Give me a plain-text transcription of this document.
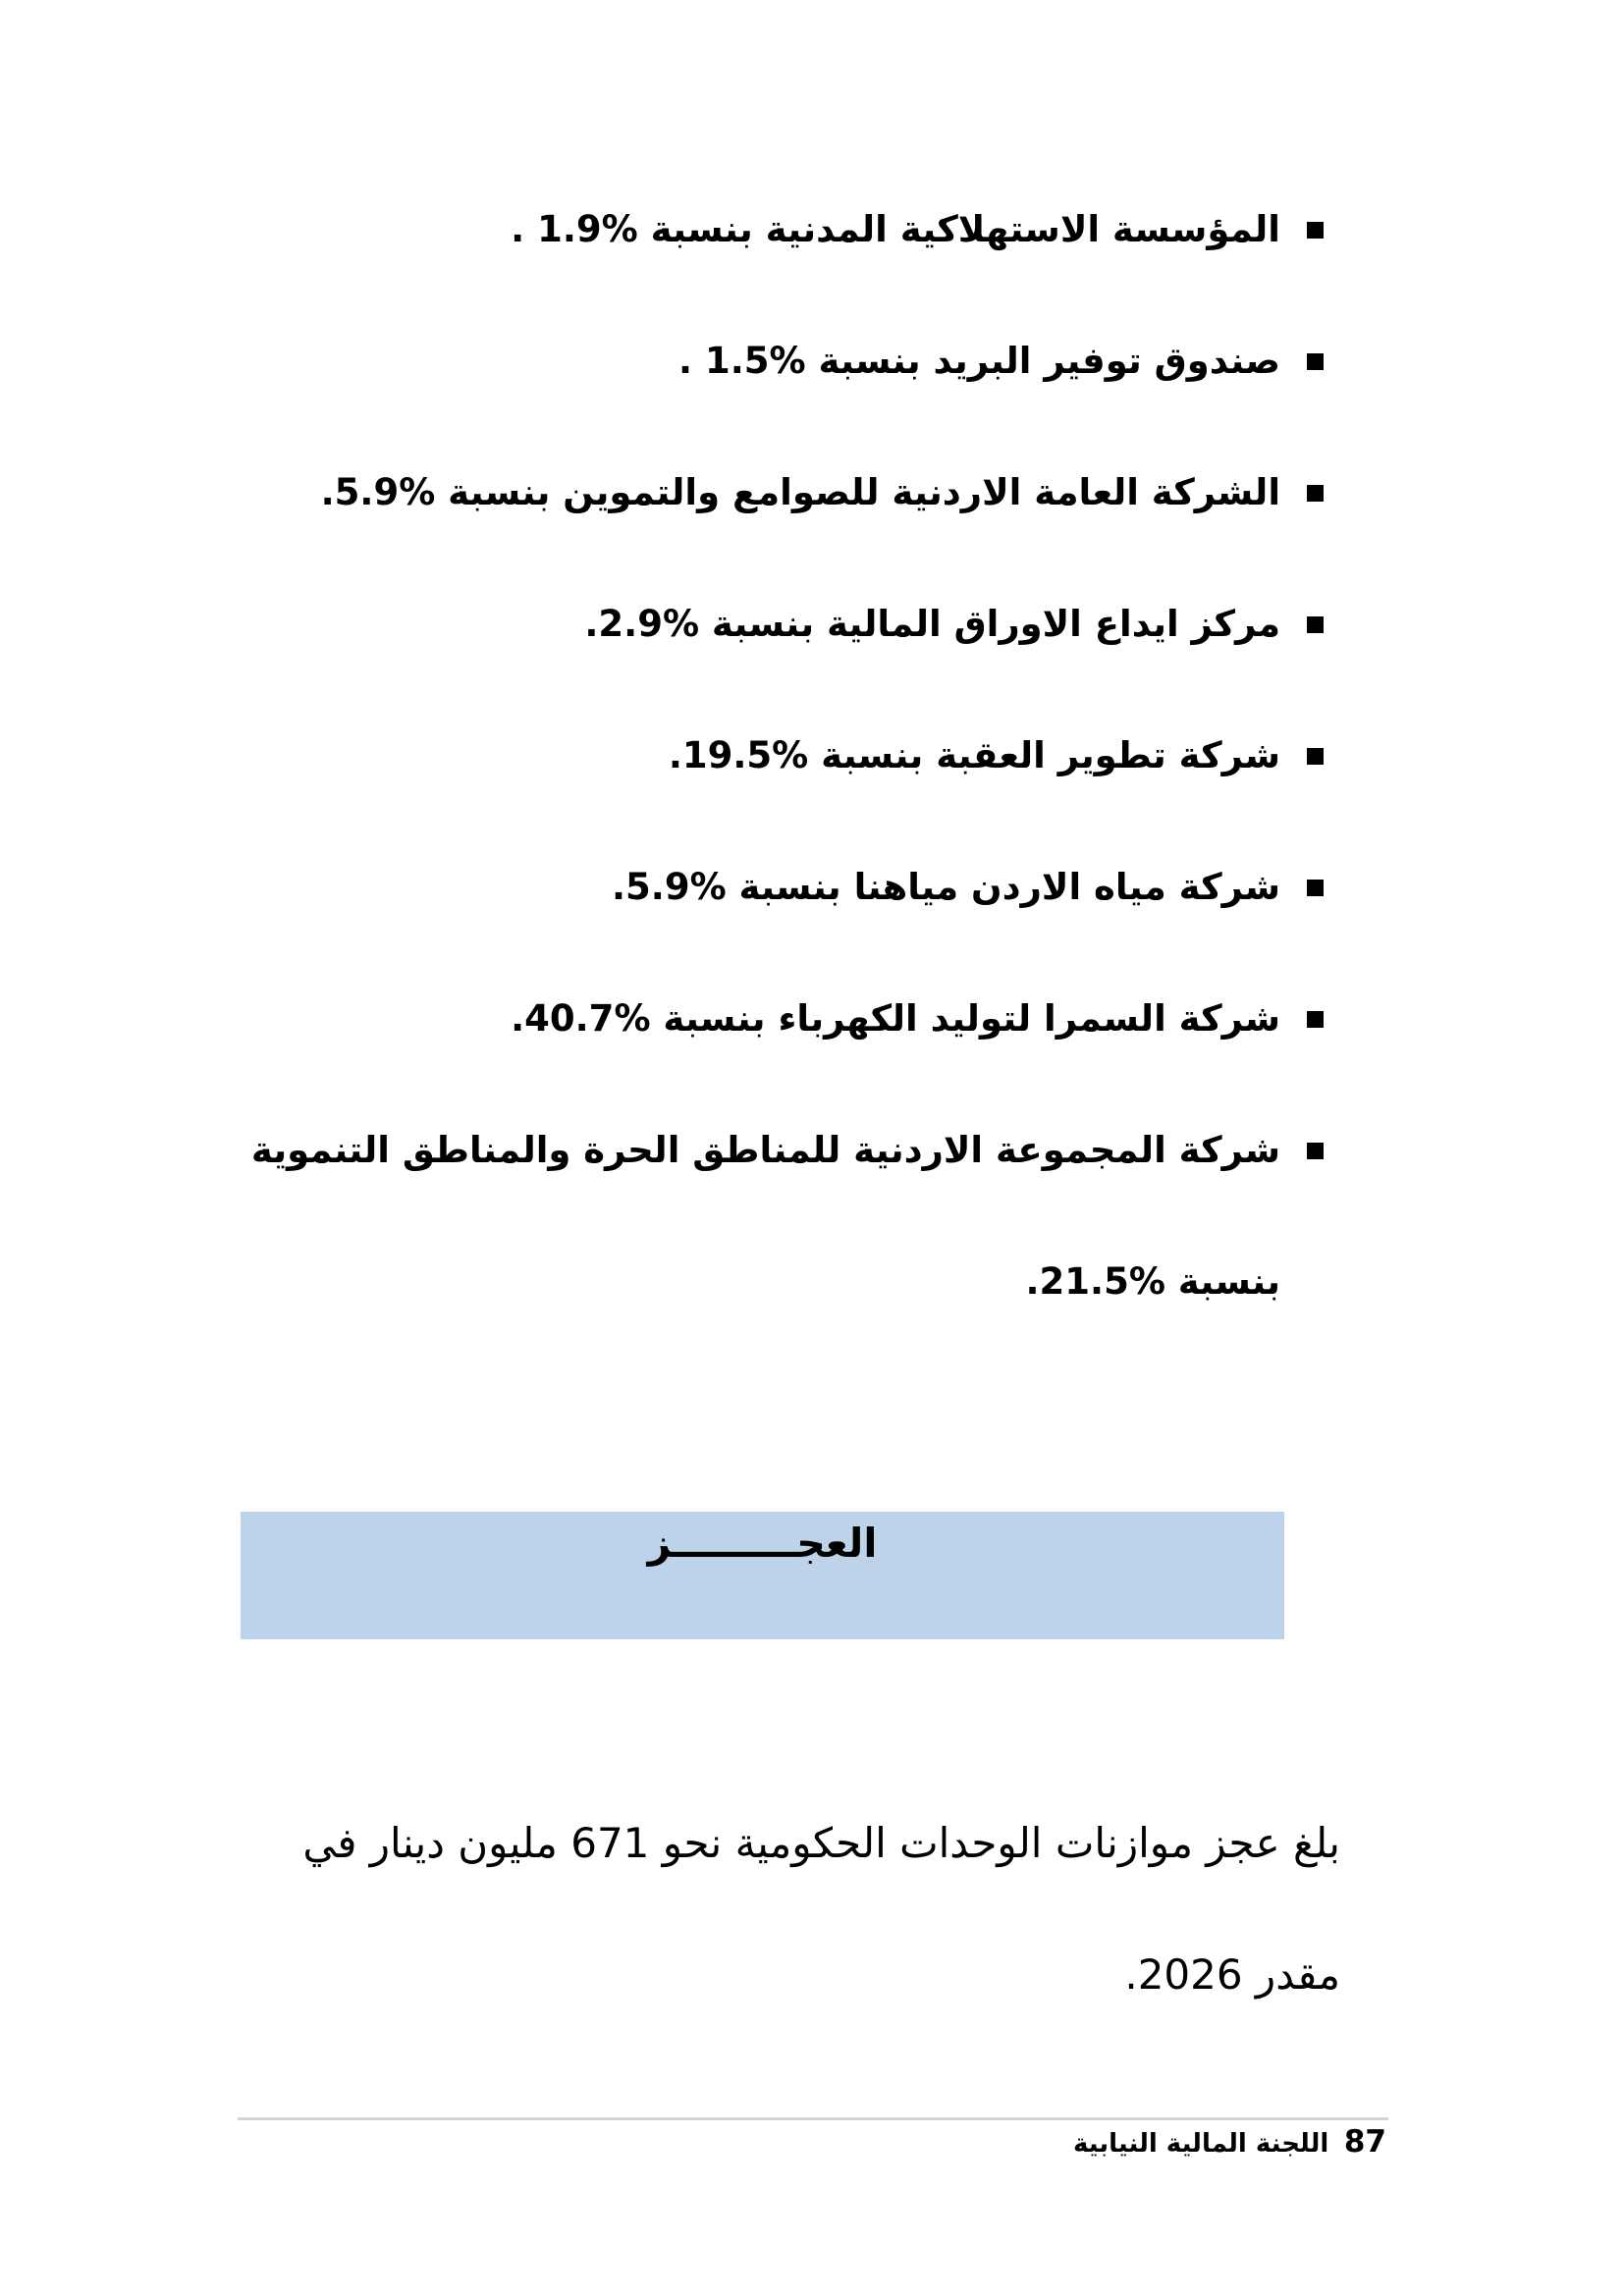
المؤسسة الاستهلاكية المدنية بنسبة %1.9 .
صندوق توفير البريد بنسبة %1.5 .
الشركة العامة الاردنية للصوامع والتموين بنسبة %5.9.
مركز ايداع الاوراق المالية بنسبة %2.9.
شركة تطوير العقبة بنسبة %19.5.
شركة مياه الاردن مياهنا بنسبة %5.9.
شركة السمرا لتوليد الكهرباء بنسبة %40.7.
شركة المجموعة الاردنية للمناطق الحرة والمناطق التنموية بنسبة %21.5.

العجـــــــــز

بلغ عجز موازنات الوحدات الحكومية نحو 671 مليون دينار في
مقدر 2026.
87 اللجنة المالية النيابية
